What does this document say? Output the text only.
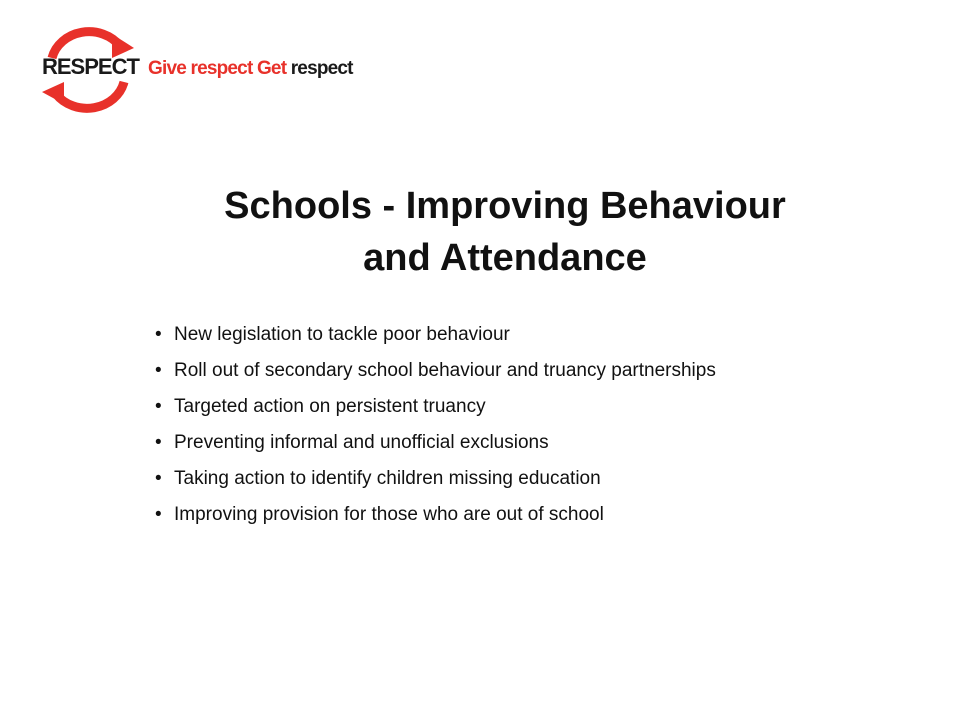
RESPECT Give respect Get respect
Schools - Improving Behaviour
and Attendance
• New legislation to tackle poor behaviour
• Roll out of secondary school behaviour and truancy partnerships
• Targeted action on persistent truancy
• Preventing informal and unofficial exclusions
• Taking action to identify children missing education
• Improving provision for those who are out of school
